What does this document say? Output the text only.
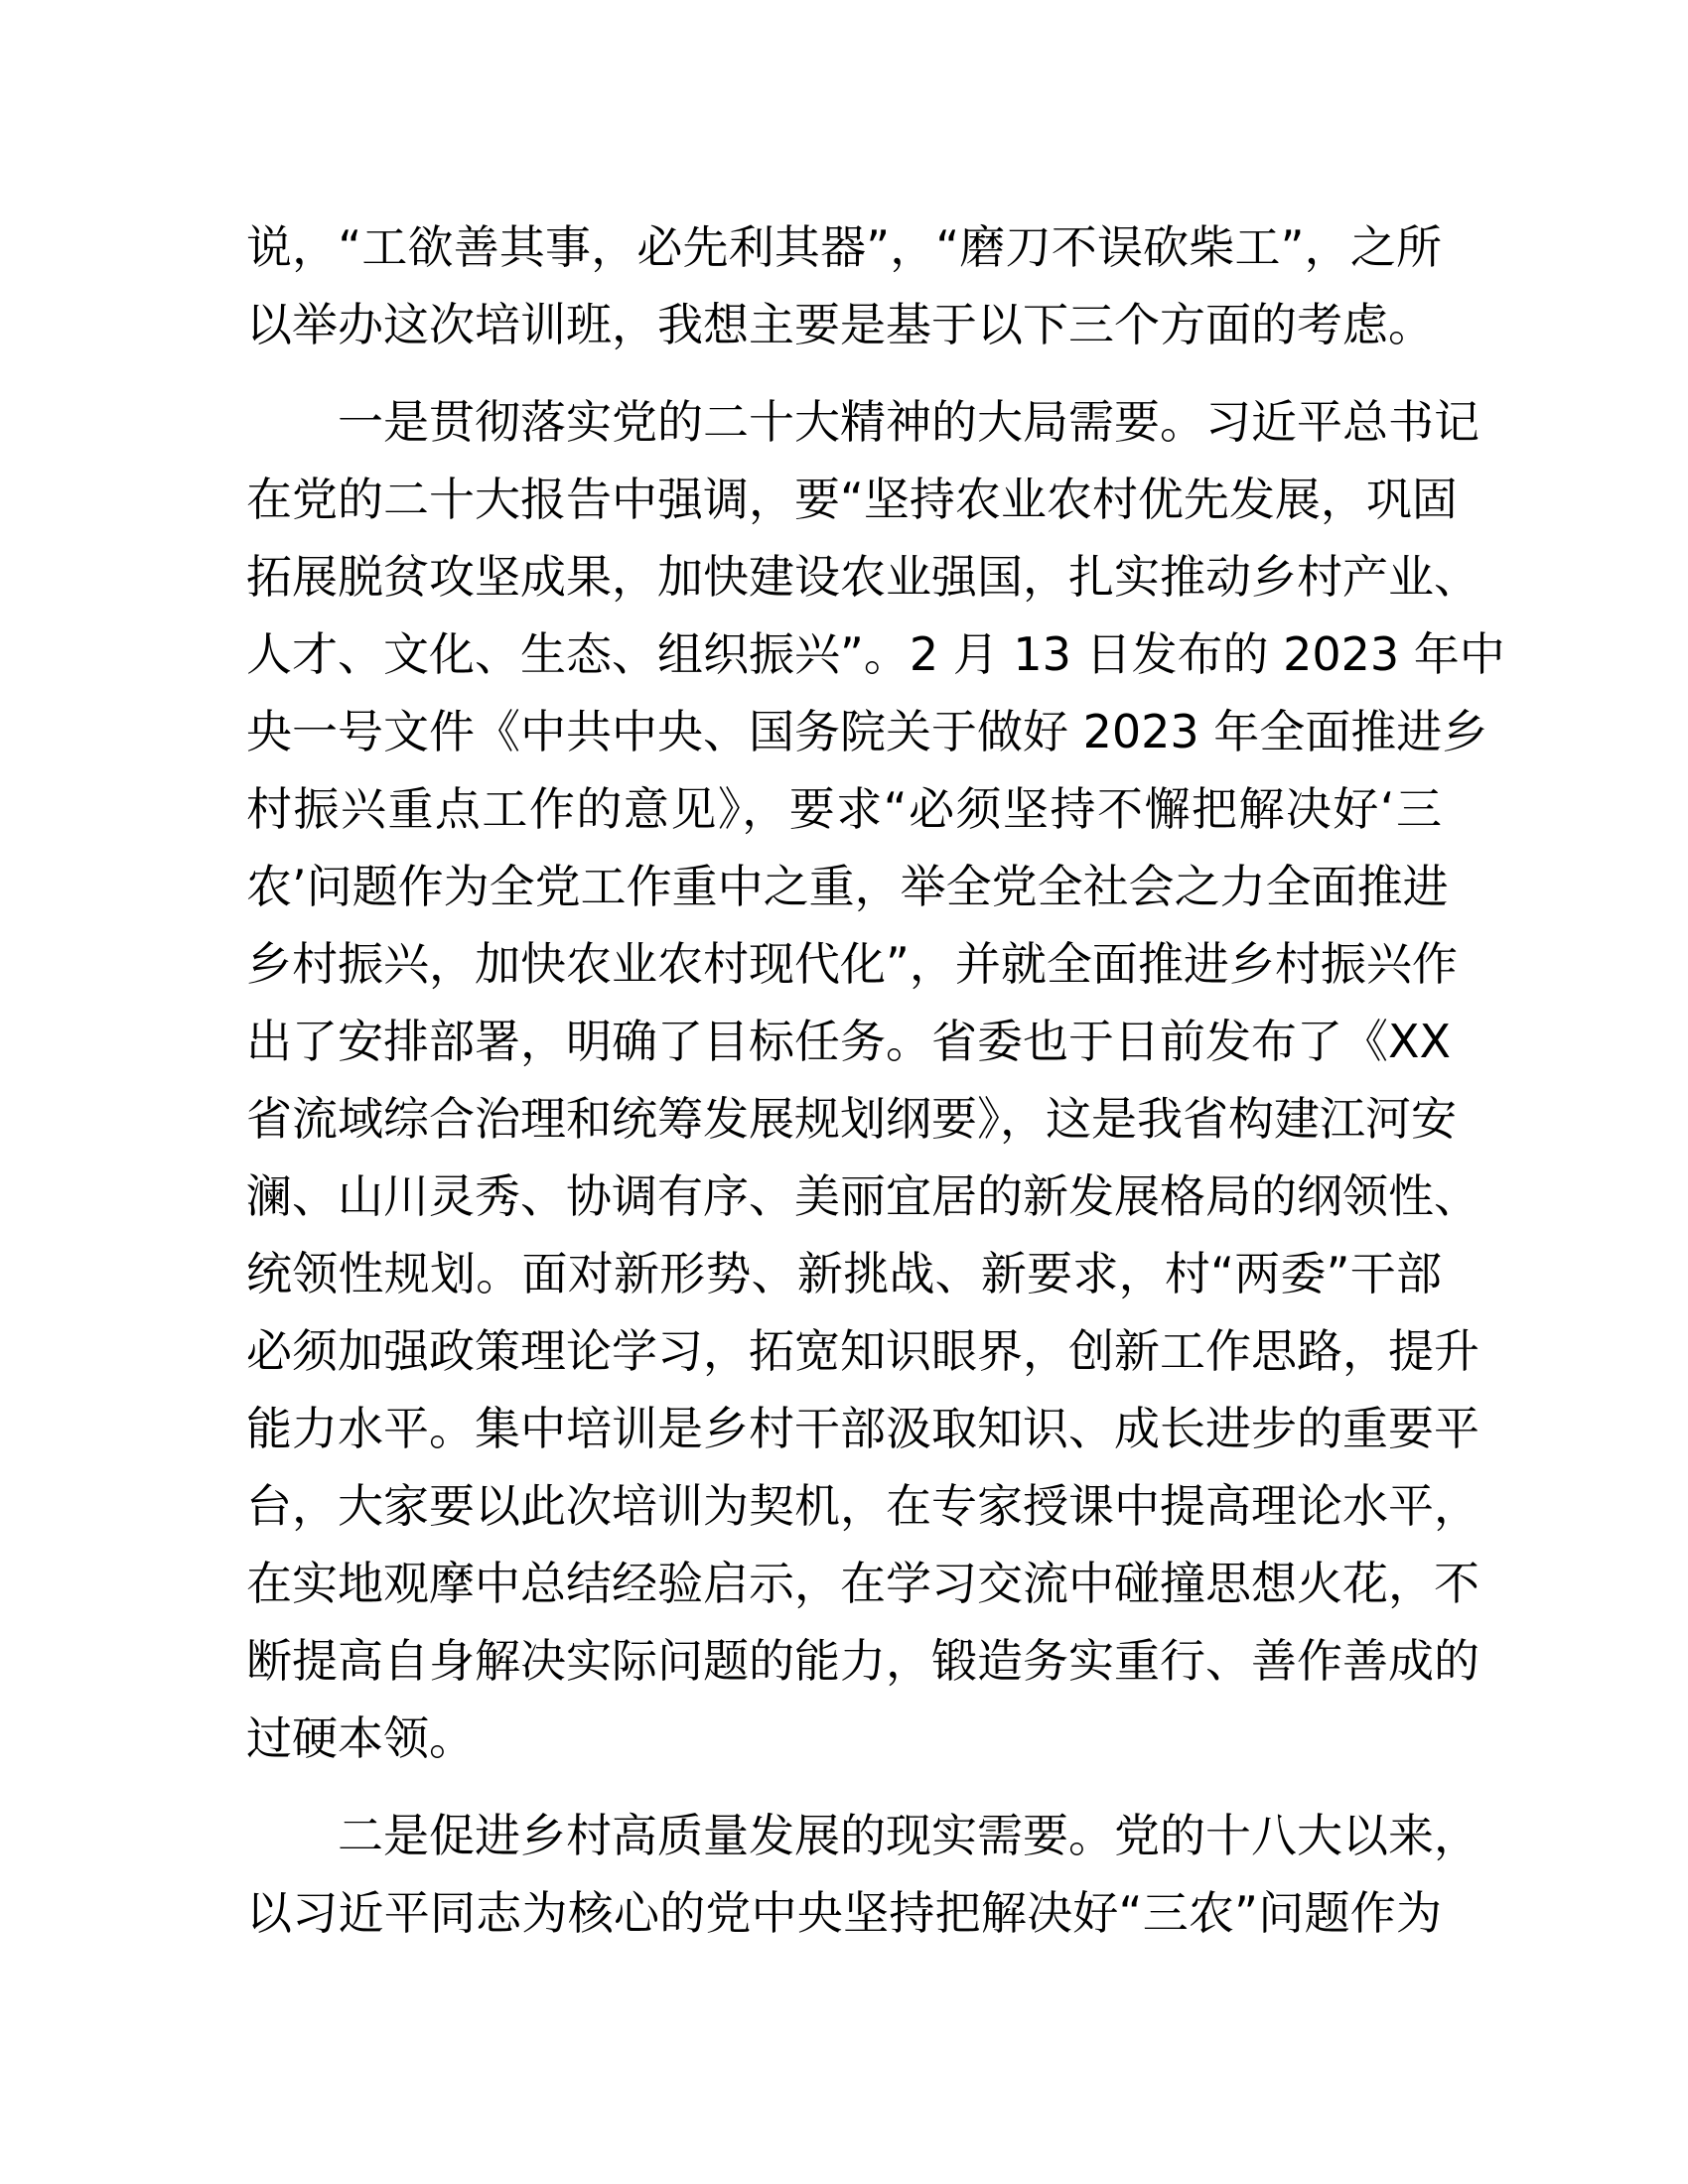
说，“工欲善其事，必先利其器”，“磨刀不误砍柴工”，之所
以举办这次培训班，我想主要是基于以下三个方面的考虑。
一是贯彻落实党的二十大精神的大局需要。习近平总书记
在党的二十大报告中强调，要“坚持农业农村优先发展，巩固
拓展脱贫攻坚成果，加快建设农业强国，扎实推动乡村产业、
人才、文化、生态、组织振兴”。2 月 13 日发布的 2023 年中
央一号文件《中共中央、国务院关于做好 2023 年全面推进乡
村振兴重点工作的意见》，要求“必须坚持不懈把解决好‘三
农’问题作为全党工作重中之重，举全党全社会之力全面推进
乡村振兴，加快农业农村现代化”，并就全面推进乡村振兴作
出了安排部署，明确了目标任务。省委也于日前发布了《XX
省流域综合治理和统筹发展规划纲要》，这是我省构建江河安
澜、山川灵秀、协调有序、美丽宜居的新发展格局的纲领性、
统领性规划。面对新形势、新挑战、新要求，村“两委”干部
必须加强政策理论学习，拓宽知识眼界，创新工作思路，提升
能力水平。集中培训是乡村干部汲取知识、成长进步的重要平
台，大家要以此次培训为契机，在专家授课中提高理论水平，
在实地观摩中总结经验启示，在学习交流中碰撞思想火花，不
断提高自身解决实际问题的能力，锻造务实重行、善作善成的
过硬本领。
二是促进乡村高质量发展的现实需要。党的十八大以来，
以习近平同志为核心的党中央坚持把解决好“三农”问题作为
